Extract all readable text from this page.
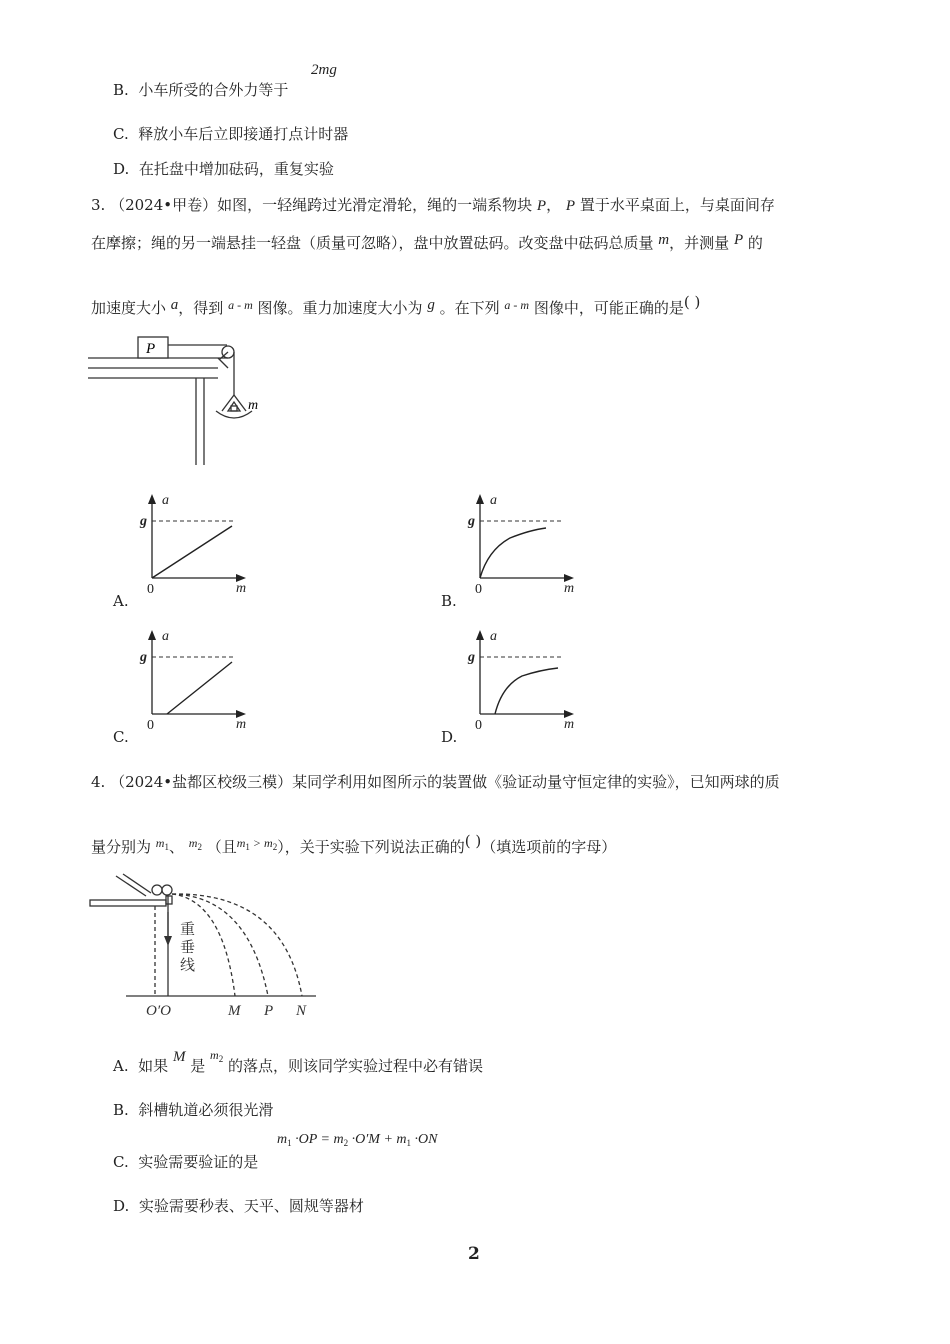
B. 小车所受的合外力等于
2mg
C. 释放小车后立即接通打点计时器
D. 在托盘中增加砝码，重复实验
3. （2024•甲卷）如图，一轻绳跨过光滑定滑轮，绳的一端系物块 P， P 置于水平桌面上，与桌面间存
在摩擦；绳的另一端悬挂一轻盘（质量可忽略），盘中放置砝码。改变盘中砝码总质量 m，并测量 P 的
加速度大小 a，得到 $^{a - m}$ 图像。重力加速度大小为 g 。在下列 $^{a - m}$ 图像中，可能正确的是( )
P
m
a
m
g
0
A.
a
m
g
0
B.
a
m
g
0
C.
a
m
g
0
D.
4. （2024•盐都区校级三模）某同学利用如图所示的装置做《验证动量守恒定律的实验》，已知两球的质
量分别为 $^{m_1}$、 $^{m_2}$ （且$^{m_1 > m_2}$），关于实验下列说法正确的( )（填选项前的字母）
重
垂
线
O′O	M P N
A. 如果 M 是 $^{m_2}$ 的落点，则该同学实验过程中必有错误
B. 斜槽轨道必须很光滑
C. 实验需要验证的是
$m_1 \cdot OP = m_2 \cdot O'M + m_1 \cdot ON$
D. 实验需要秒表、天平、圆规等器材
2
